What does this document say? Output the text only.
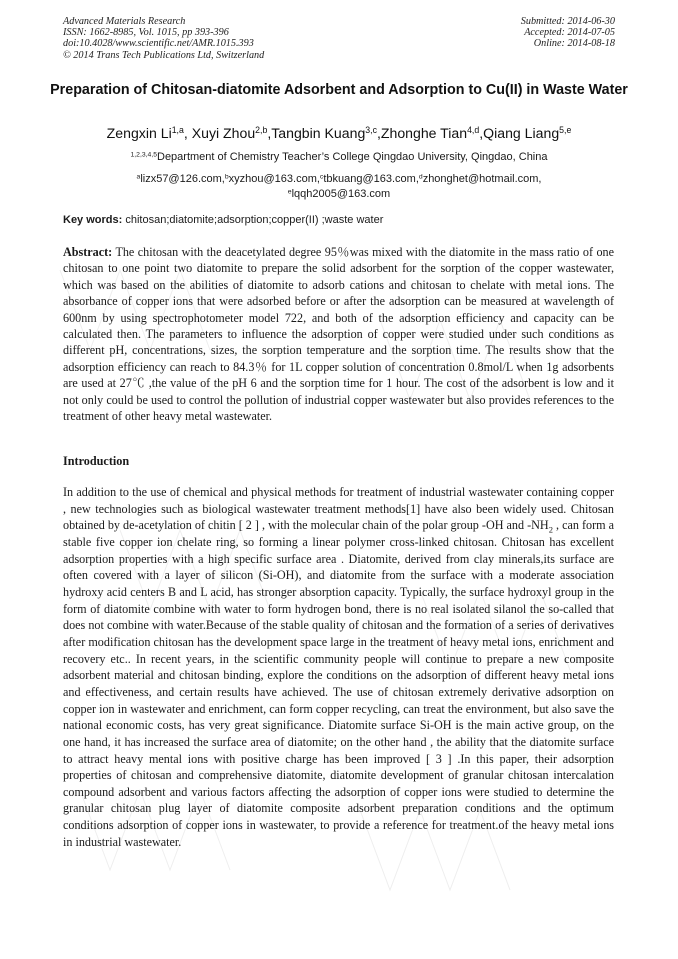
Advanced Materials Research
ISSN: 1662-8985, Vol. 1015, pp 393-396
doi:10.4028/www.scientific.net/AMR.1015.393
© 2014 Trans Tech Publications Ltd, Switzerland
Submitted: 2014-06-30
Accepted: 2014-07-05
Online: 2014-08-18
Preparation of Chitosan-diatomite Adsorbent and Adsorption to Cu(II) in Waste Water
Zengxin Li$^{1,a}$, Xuyi Zhou$^{2,b}$,Tangbin Kuang$^{3,c}$,Zhonghe Tian$^{4,d}$,Qiang Liang$^{5,e}$
$^{1,2,3,4,5}$Department of Chemistry Teacher’s College Qingdao University, Qingdao, China
$^a$lizx57@126.com,$^b$xyzhou@163.com,$^c$tbkuang@163.com,$^d$zhonghet@hotmail.com,
$^e$lqqh2005@163.com
Key words: chitosan;diatomite;adsorption;copper(II) ;waste water
Abstract: The chitosan with the deacetylated degree 95％was mixed with the diatomite in the mass ratio of one chitosan to one point two diatomite to prepare the solid adsorbent for the sorption of the copper wastewater, which was based on the abilities of diatomite to adsorb cations and chitosan to chelate with metal ions. The absorbance of copper ions that were adsorbed before or after the adsorption can be measured at wavelength of 600nm by using spectrophotometer model 722, and both of the adsorption efficiency and capacity can be calculated then. The parameters to influence the adsorption of copper were studied under such conditions as different pH, concentrations, sizes, the sorption temperature and the sorption time. The results show that the adsorption efficiency can reach to 84.3％ for 1L copper solution of concentration 0.8mol/L when 1g adsorbents are used at 27℃ ,the value of the pH 6 and the sorption time for 1 hour. The cost of the adsorbent is low and it not only could be used to control the pollution of industrial copper wastewater but also provides references to the treatment of other heavy metal wastewater.
Introduction
In addition to the use of chemical and physical methods for treatment of industrial wastewater containing copper , new technologies such as biological wastewater treatment methods[1] have also been widely used. Chitosan obtained by de-acetylation of chitin [ 2 ] , with the molecular chain of the polar group -OH and $-NH_2$ , can form a stable five copper ion chelate ring, so forming a linear polymer cross-linked chitosan. Chitosan has excellent adsorption properties with a high specific surface area . Diatomite, derived from clay minerals,its surface are often covered with a layer of silicon (Si-OH), and diatomite from the surface with a moderate association hydroxy acid centers B and L acid, has stronger absorption capacity. Typically, the surface hydroxyl group in the form of diatomite combine with water to form hydrogen bond, there is no real isolated silanol the so-called that does not combine with water.Because of the stable quality of chitosan and the formation of a series of derivatives after modification chitosan has the development space large in the treatment of heavy metal ions, enrichment and recovery etc.. In recent years, in the scientific community people will continue to prepare a new composite adsorbent material and chitosan binding, explore the conditions on the adsorption of different heavy metal ions and effectiveness, and certain results have achieved. The use of chitosan extremely derivative adsorption on copper ion in wastewater and enrichment, can form copper recycling, can treat the environment, but also save the national economic costs, has very great significance. Diatomite surface Si-OH is the main active group, on the one hand, it has increased the surface area of diatomite; on the other hand , the ability that the diatomite surface to attract heavy mental ions with positive charge has been improved [ 3 ] .In this paper, their adsorption properties of chitosan and comprehensive diatomite, diatomite development of granular chitosan intercalation compound adsorbent and various factors affecting the adsorption of copper ions were studied to determine the granular chitosan plug layer of diatomite composite adsorbent preparation conditions and the optimum conditions adsorption of copper ions in wastewater, to provide a reference for treatment.of the heavy metal ions in industrial wastewater.
